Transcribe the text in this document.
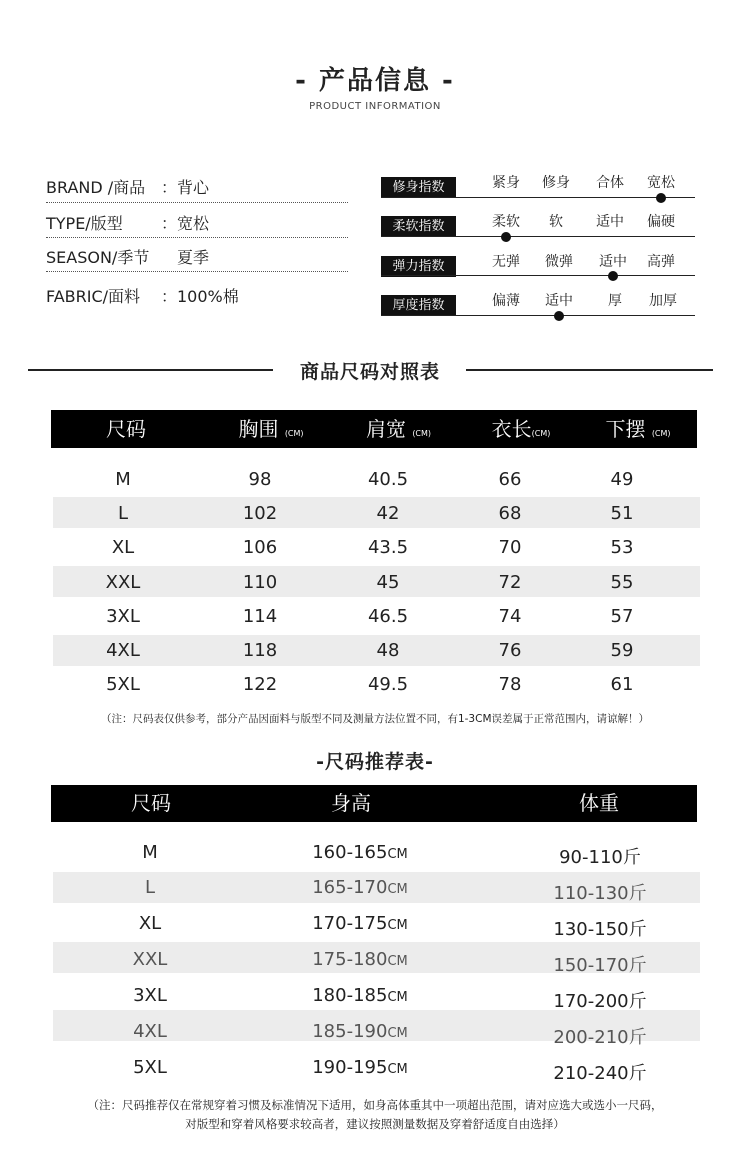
- 产品信息 -
PRODUCT INFORMATION
BRAND /商品 ： 背心
TYPE/版型 ： 宽松
SEASON/季节 夏季
FABRIC/面料 ： 100%棉
修身指数	紧身	修身	合体	宽松
柔软指数	柔软	软	适中	偏硬
弹力指数	无弹	微弹	适中	高弹
厚度指数	偏薄	适中	厚	加厚
商品尺码对照表
尺码	胸围 (CM)	肩宽 (CM)	衣长(CM)	下摆 (CM)
M	98	40.5	66	49
L	102	42	68	51
XL	106	43.5	70	53
XXL	110	45	72	55
3XL	114	46.5	74	57
4XL	118	48	76	59
5XL	122	49.5	78	61
（注：尺码表仅供参考，部分产品因面料与版型不同及测量方法位置不同，有1-3CM误差属于正常范围内，请谅解！）
-尺码推荐表-
尺码	身高	体重
M	160-165CM	90-110斤
L	165-170CM	110-130斤
XL	170-175CM	130-150斤
XXL	175-180CM	150-170斤
3XL	180-185CM	170-200斤
4XL	185-190CM	200-210斤
5XL	190-195CM	210-240斤
（注：尺码推荐仅在常规穿着习惯及标准情况下适用，如身高体重其中一项超出范围，请对应选大或选小一尺码，
对版型和穿着风格要求较高者，建议按照测量数据及穿着舒适度自由选择）
